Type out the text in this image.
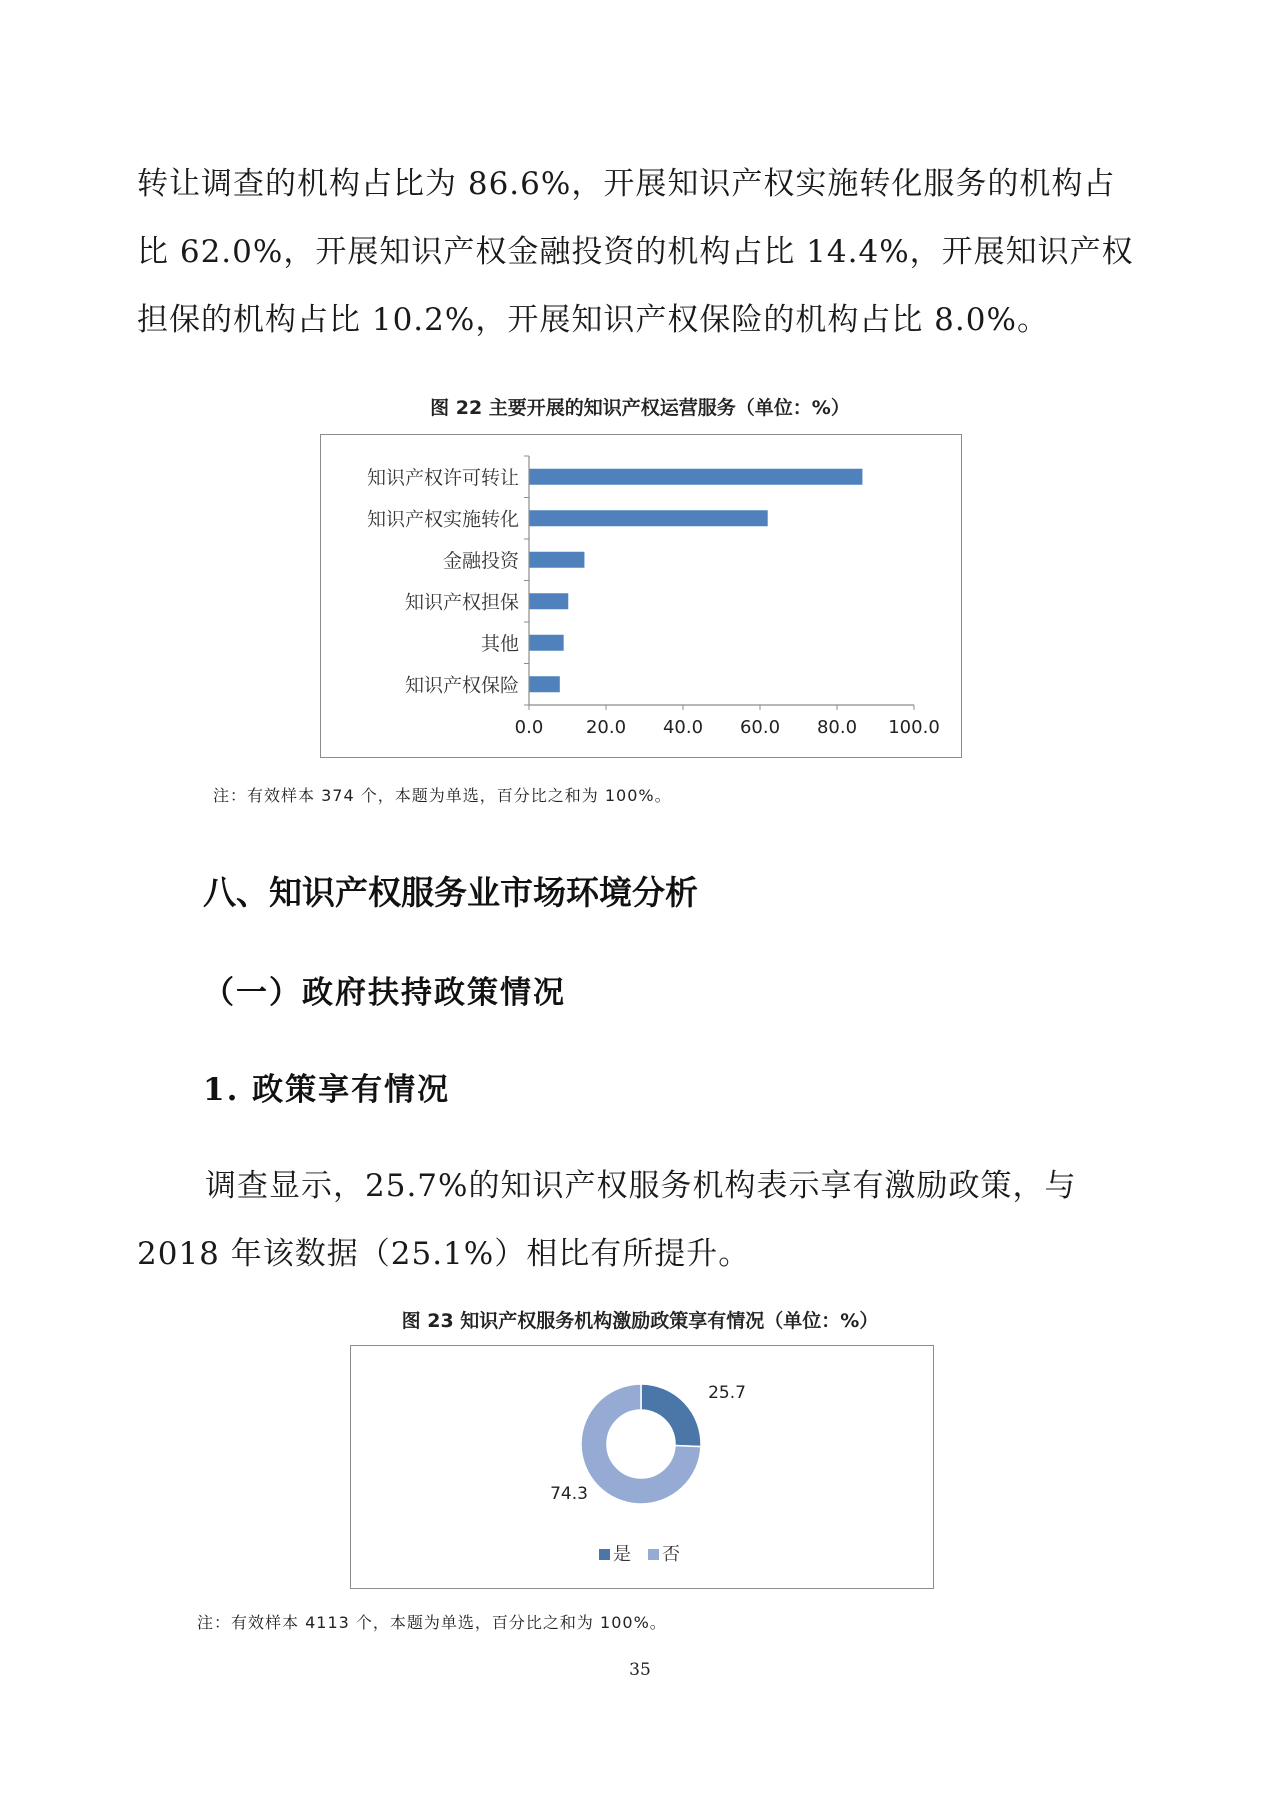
转让调查的机构占比为 86.6%，开展知识产权实施转化服务的机构占

比 62.0%，开展知识产权金融投资的机构占比 14.4%，开展知识产权

担保的机构占比 10.2%，开展知识产权保险的机构占比 8.0%。

图 22 主要开展的知识产权运营服务（单位：%）
知识产权许可转让
知识产权实施转化
金融投资
知识产权担保
其他
知识产权保险
0.0 20.0 40.0 60.0 80.0 100.0
注：有效样本 374 个，本题为单选，百分比之和为 100%。
八、知识产权服务业市场环境分析
（一）政府扶持政策情况
1. 政策享有情况

调查显示，25.7%的知识产权服务机构表示享有激励政策，与

2018 年该数据（25.1%）相比有所提升。

图 23 知识产权服务机构激励政策享有情况（单位：%）
25.7
74.3
是 否
注：有效样本 4113 个，本题为单选，百分比之和为 100%。
35
